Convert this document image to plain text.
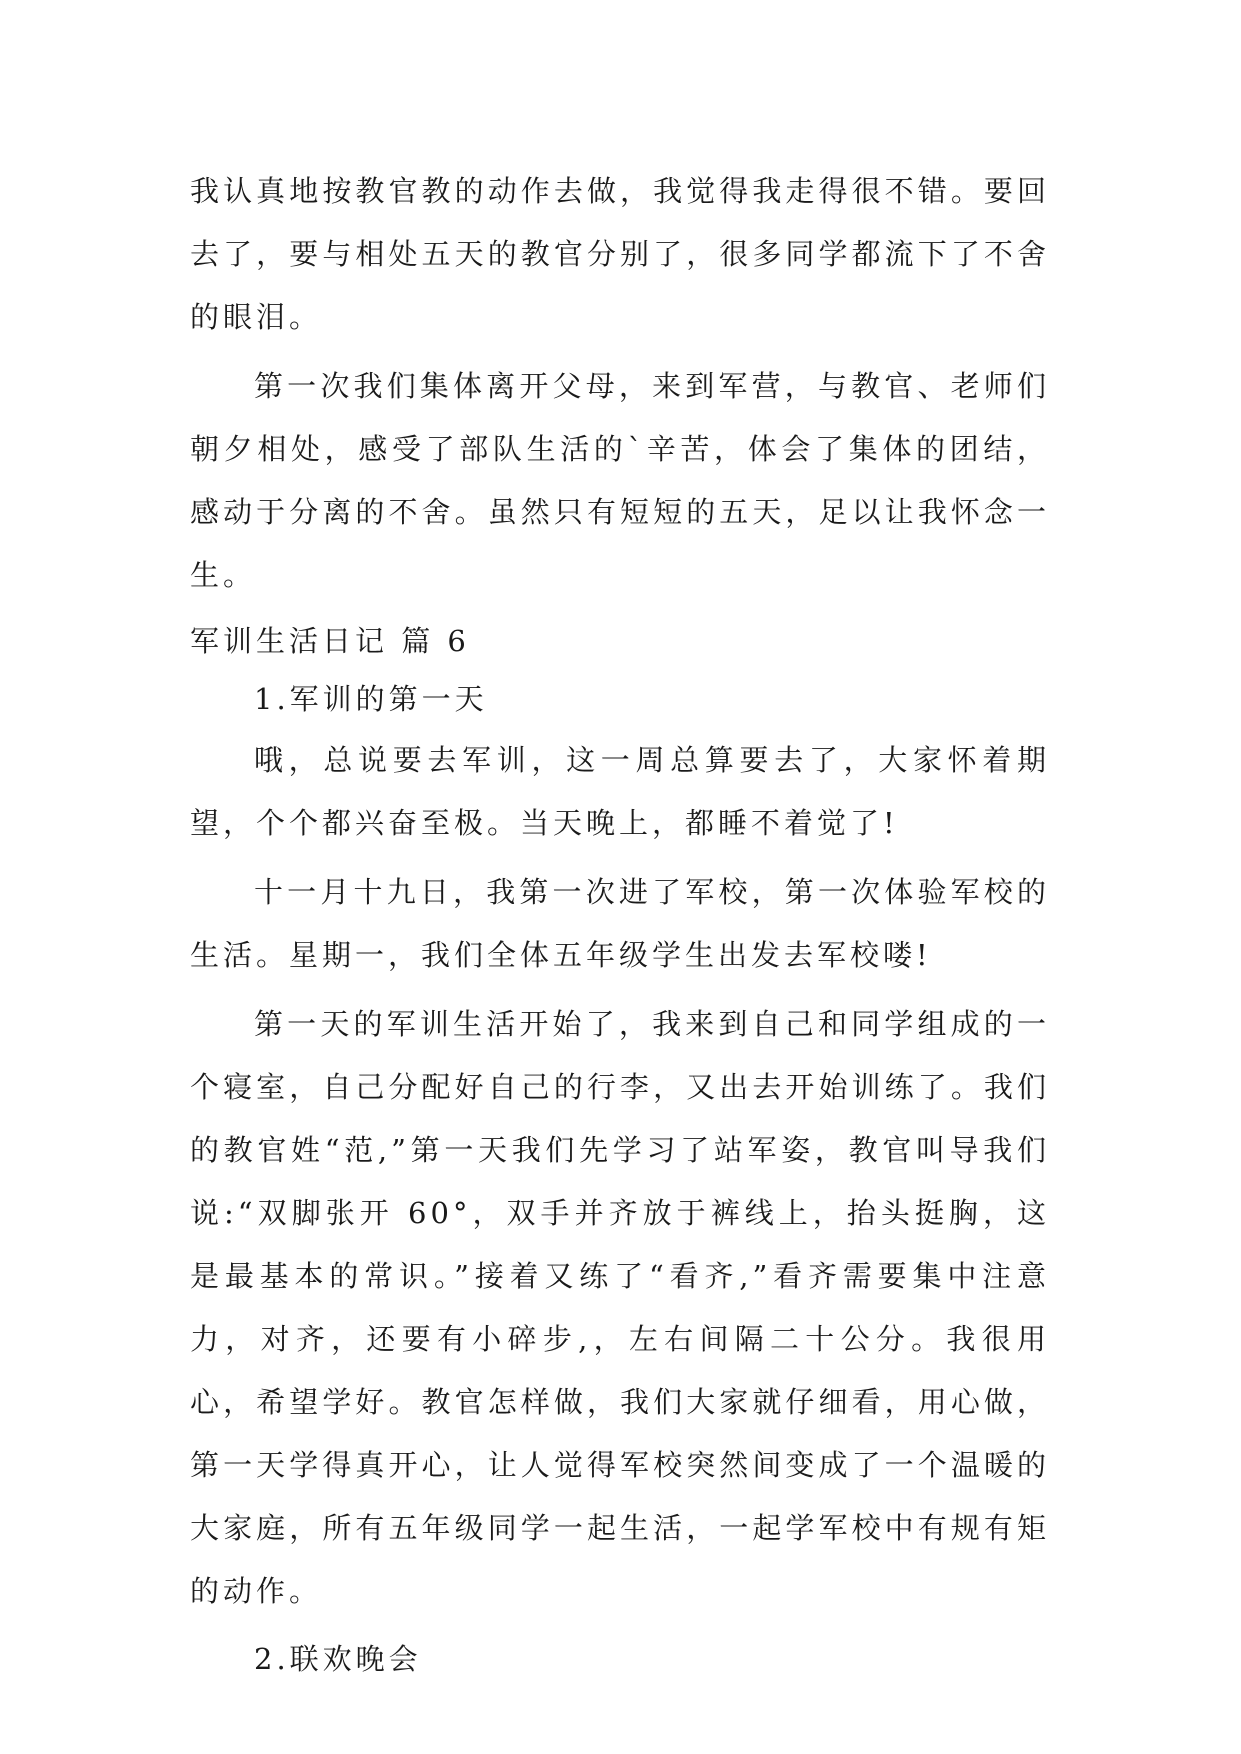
我认真地按教官教的动作去做，我觉得我走得很不错。要回去了，要与相处五天的教官分别了，很多同学都流下了不舍的眼泪。

第一次我们集体离开父母，来到军营，与教官、老师们朝夕相处，感受了部队生活的`辛苦，体会了集体的团结，感动于分离的不舍。虽然只有短短的五天，足以让我怀念一生。

军训生活日记 篇 6

1.军训的第一天

哦，总说要去军训，这一周总算要去了，大家怀着期望，个个都兴奋至极。当天晚上，都睡不着觉了!

十一月十九日，我第一次进了军校，第一次体验军校的生活。星期一，我们全体五年级学生出发去军校喽!

第一天的军训生活开始了，我来到自己和同学组成的一个寝室，自己分配好自己的行李，又出去开始训练了。我们的教官姓“范,”第一天我们先学习了站军姿，教官叫导我们说:“双脚张开 60°，双手并齐放于裤线上，抬头挺胸，这是最基本的常识。”接着又练了“看齐,”看齐需要集中注意力，对齐，还要有小碎步,，左右间隔二十公分。我很用心，希望学好。教官怎样做，我们大家就仔细看，用心做，第一天学得真开心，让人觉得军校突然间变成了一个温暖的大家庭，所有五年级同学一起生活，一起学军校中有规有矩的动作。

2.联欢晚会
